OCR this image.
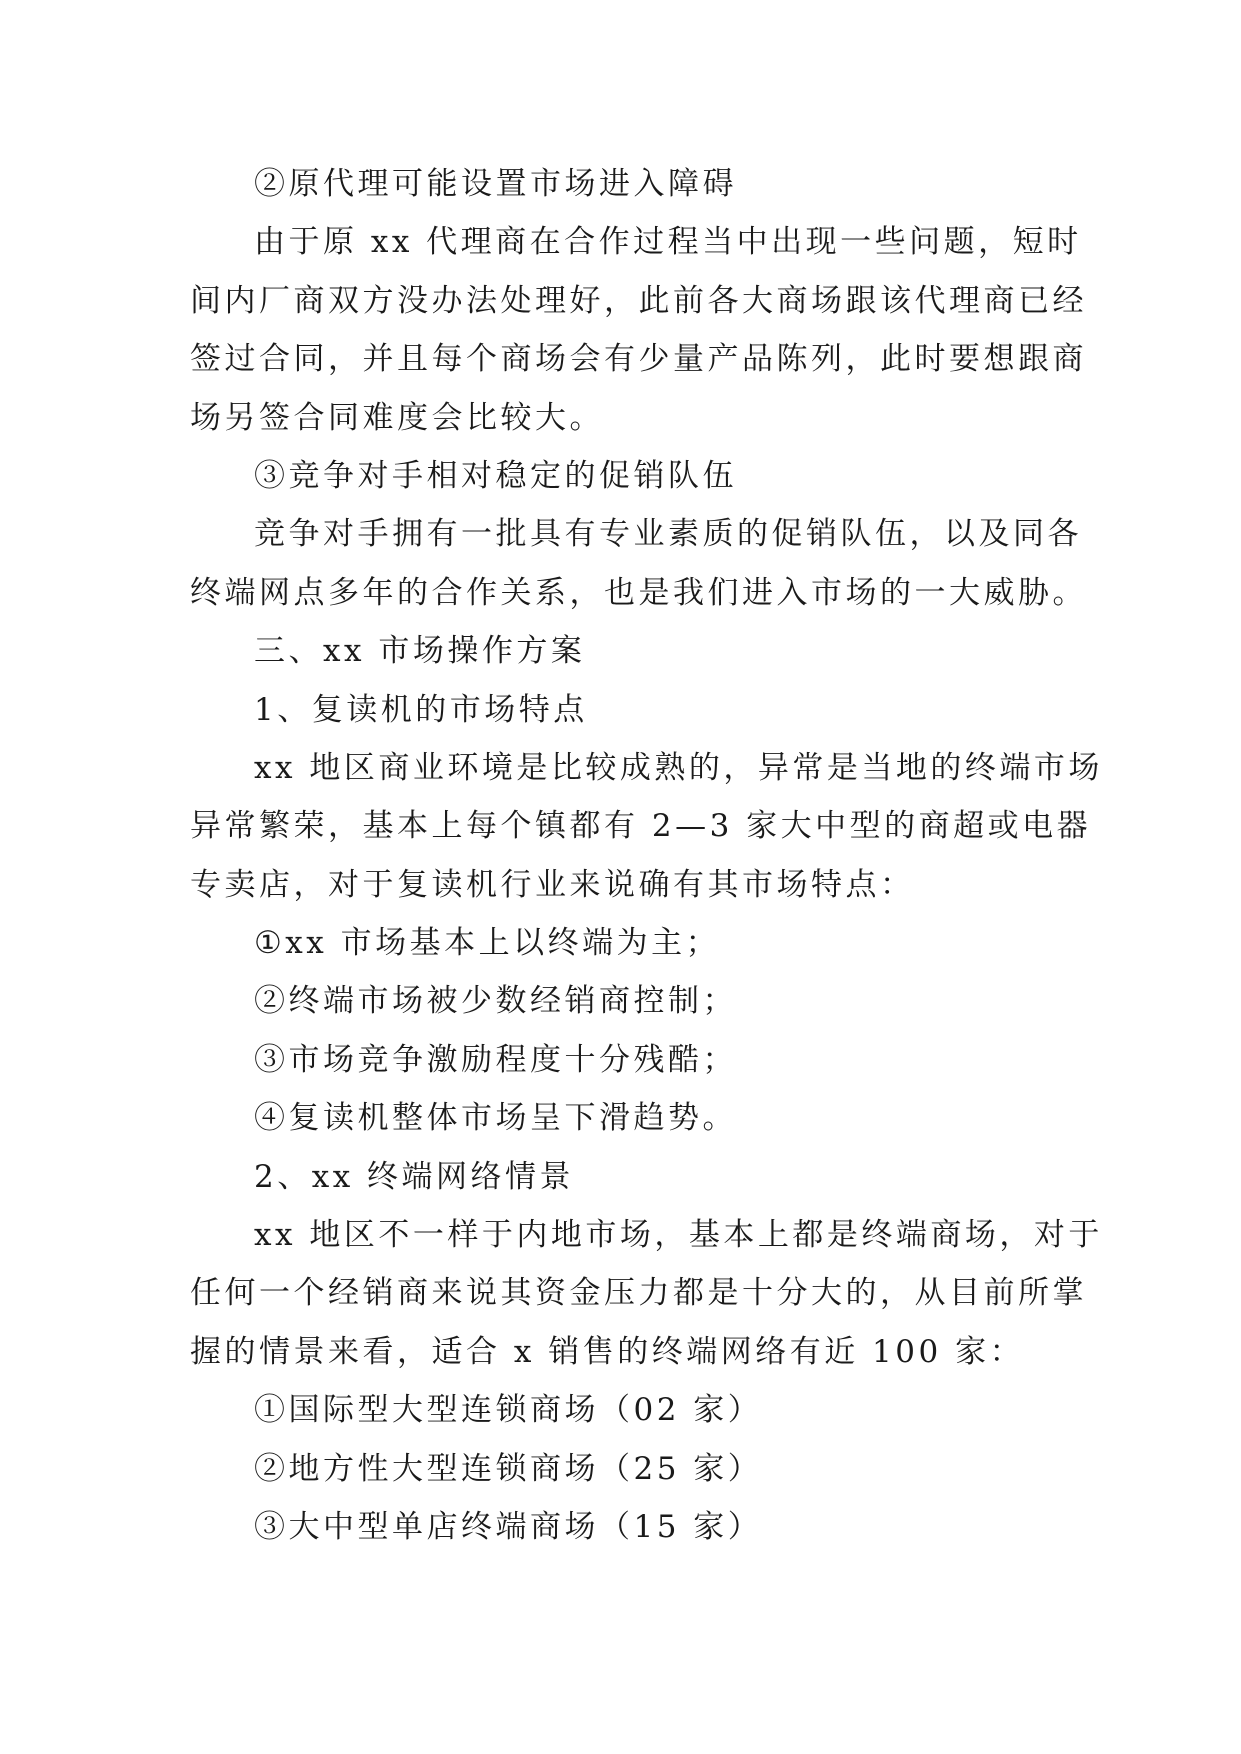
②原代理可能设置市场进入障碍
由于原 xx 代理商在合作过程当中出现一些问题，短时
间内厂商双方没办法处理好，此前各大商场跟该代理商已经
签过合同，并且每个商场会有少量产品陈列，此时要想跟商
场另签合同难度会比较大。
③竞争对手相对稳定的促销队伍
竞争对手拥有一批具有专业素质的促销队伍，以及同各
终端网点多年的合作关系，也是我们进入市场的一大威胁。
三、xx 市场操作方案
1、复读机的市场特点
xx 地区商业环境是比较成熟的，异常是当地的终端市场
异常繁荣，基本上每个镇都有 2—3 家大中型的商超或电器
专卖店，对于复读机行业来说确有其市场特点：
①xx 市场基本上以终端为主；
②终端市场被少数经销商控制；
③市场竞争激励程度十分残酷；
④复读机整体市场呈下滑趋势。
2、xx 终端网络情景
xx 地区不一样于内地市场，基本上都是终端商场，对于
任何一个经销商来说其资金压力都是十分大的，从目前所掌
握的情景来看，适合 x 销售的终端网络有近 100 家：
①国际型大型连锁商场（02 家）
②地方性大型连锁商场（25 家）
③大中型单店终端商场（15 家）
